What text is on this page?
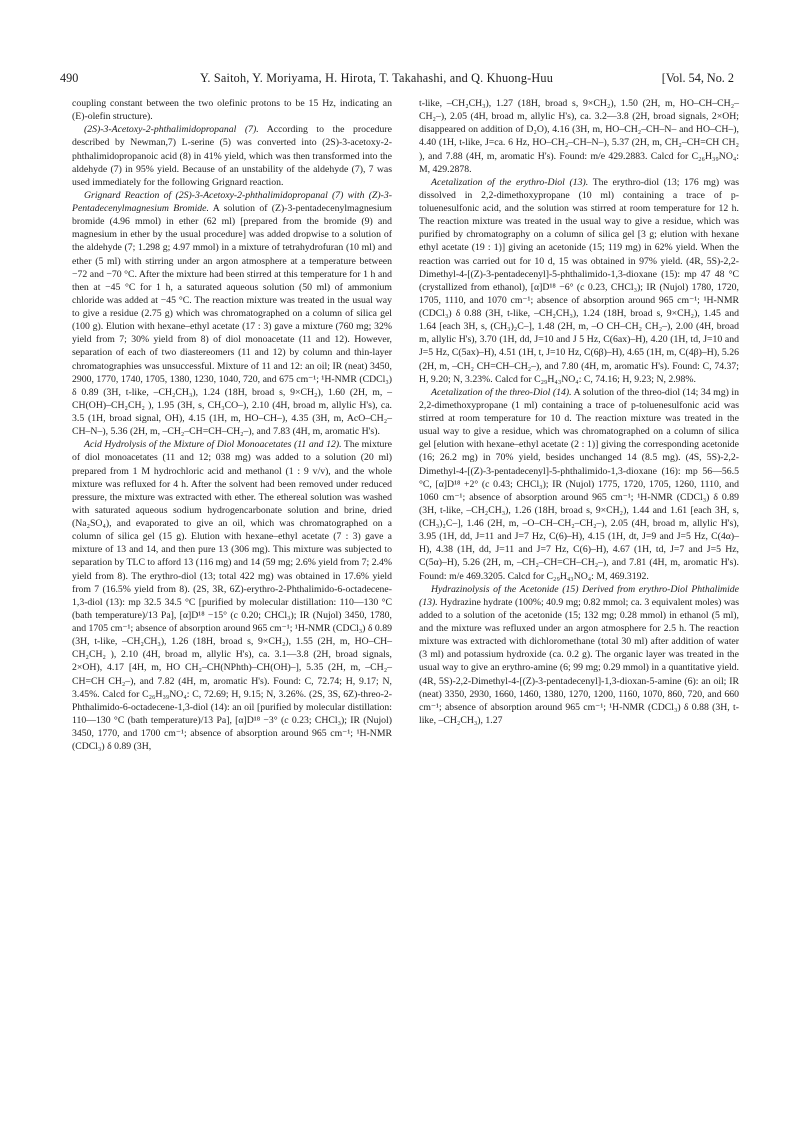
490	Y. Saitoh, Y. Moriyama, H. Hirota, T. Takahashi, and Q. Khuong-Huu	[Vol. 54, No. 2

coupling constant between the two olefinic protons to be 15 Hz, indicating an (E)-olefin structure).

(2S)-3-Acetoxy-2-phthalimidopropanal (7). According to the procedure described by Newman,7) L-serine (5) was converted into (2S)-3-acetoxy-2-phthalimidopropanoic acid (8) in 41% yield, which was then transformed into the aldehyde (7) in 95% yield. Because of an unstability of the aldehyde (7), 7 was used immediately for the following Grignard reaction.

Grignard Reaction of (2S)-3-Acetoxy-2-phthalimidopropanal (7) with (Z)-3-Pentadecenylmagnesium Bromide. A solution of (Z)-3-pentadecenylmagnesium bromide (4.96 mmol) in ether (62 ml) [prepared from the bromide (9) and magnesium in ether by the usual procedure] was added dropwise to a solution of the aldehyde (7; 1.298 g; 4.97 mmol) in a mixture of tetrahydrofuran (10 ml) and ether (5 ml) with stirring under an argon atmosphere at a temperature between −72 and −70 °C. After the mixture had been stirred at this temperature for 1 h and then at −45 °C for 1 h, a saturated aqueous solution (50 ml) of ammonium chloride was added at −45 °C. The reaction mixture was treated in the usual way to give a residue (2.75 g) which was chromatographed on a column of silica gel (100 g). Elution with hexane–ethyl acetate (17 : 3) gave a mixture (760 mg; 32% yield from 7; 30% yield from 8) of diol monoacetate (11 and 12). However, separation of each of two diastereomers (11 and 12) by column and thin-layer chromatographies was unsuccessful. Mixture of 11 and 12: an oil; IR (neat) 3450, 2900, 1770, 1740, 1705, 1380, 1230, 1040, 720, and 675 cm⁻¹; ¹H-NMR (CDCl₃) δ 0.89 (3H, t-like, –CH₂CH₃), 1.24 (18H, broad s, 9×CH₂), 1.60 (2H, m, –CH(OH)–CH₂CH₂ ), 1.95 (3H, s, CH₃CO–), 2.10 (4H, broad m, allylic H's), ca. 3.5 (1H, broad signal, OH), 4.15 (1H, m, HO–CH–), 4.35 (3H, m, AcO–CH₂–CH–N–), 5.36 (2H, m, –CH₂–CH=CH–CH₂–), and 7.83 (4H, m, aromatic H's).

Acid Hydrolysis of the Mixture of Diol Monoacetates (11 and 12). The mixture of diol monoacetates (11 and 12; 038 mg) was added to a solution (20 ml) prepared from 1 M hydrochloric acid and methanol (1 : 9 v/v), and the whole mixture was refluxed for 4 h. After the solvent had been removed under reduced pressure, the mixture was extracted with ether. The ethereal solution was washed with saturated aqueous sodium hydrogencarbonate solution and brine, dried (Na₂SO₄), and evaporated to give an oil, which was chromatographed on a column of silica gel (15 g). Elution with hexane–ethyl acetate (7 : 3) gave a mixture of 13 and 14, and then pure 13 (306 mg). This mixture was subjected to separation by TLC to afford 13 (116 mg) and 14 (59 mg; 2.6% yield from 7; 2.4% yield from 8). The erythro-diol (13; total 422 mg) was obtained in 17.6% yield from 7 (16.5% yield from 8). (2S, 3R, 6Z)-erythro-2-Phthalimido-6-octadecene-1,3-diol (13): mp 32.5 34.5 °C [purified by molecular distillation: 110—130 °C (bath temperature)/13 Pa], [α]D¹⁸ −15° (c 0.20; CHCl₃); IR (Nujol) 3450, 1780, and 1705 cm⁻¹; absence of absorption around 965 cm⁻¹; ¹H-NMR (CDCl₃) δ 0.89 (3H, t-like, –CH₂CH₃), 1.26 (18H, broad s, 9×CH₂), 1.55 (2H, m, HO–CH–CH₂CH₂ ), 2.10 (4H, broad m, allylic H's), ca. 3.1—3.8 (2H, broad signals, 2×OH), 4.17 [4H, m, HO CH₂–CH(NPhth)–CH(OH)–], 5.35 (2H, m, –CH₂–CH=CH CH₂–), and 7.82 (4H, m, aromatic H's). Found: C, 72.74; H, 9.17; N, 3.45%. Calcd for C₂₆H₃₉NO₄: C, 72.69; H, 9.15; N, 3.26%. (2S, 3S, 6Z)-threo-2-Phthalimido-6-octadecene-1,3-diol (14): an oil [purified by molecular distillation: 110—130 °C (bath temperature)/13 Pa], [α]D¹⁸ −3° (c 0.23; CHCl₃); IR (Nujol) 3450, 1770, and 1700 cm⁻¹; absence of absorption around 965 cm⁻¹; ¹H-NMR (CDCl₃) δ 0.89 (3H,

t-like, –CH₂CH₃), 1.27 (18H, broad s, 9×CH₂), 1.50 (2H, m, HO–CH–CH₂–CH₂–), 2.05 (4H, broad m, allylic H's), ca. 3.2—3.8 (2H, broad signals, 2×OH; disappeared on addition of D₂O), 4.16 (3H, m, HO–CH₂–CH–N– and HO–CH–), 4.40 (1H, t-like, J=ca. 6 Hz, HO–CH₂–CH–N–), 5.37 (2H, m, CH₂–CH=CH CH₂ ), and 7.88 (4H, m, aromatic H's). Found: m/e 429.2883. Calcd for C₂₆H₃₉NO₄: M, 429.2878.

Acetalization of the erythro-Diol (13). The erythro-diol (13; 176 mg) was dissolved in 2,2-dimethoxypropane (10 ml) containing a trace of p-toluenesulfonic acid, and the solution was stirred at room temperature for 12 h. The reaction mixture was treated in the usual way to give a residue, which was purified by chromatography on a column of silica gel [3 g; elution with hexane ethyl acetate (19 : 1)] giving an acetonide (15; 119 mg) in 62% yield. When the reaction was carried out for 10 d, 15 was obtained in 97% yield. (4R, 5S)-2,2-Dimethyl-4-[(Z)-3-pentadecenyl]-5-phthalimido-1,3-dioxane (15): mp 47 48 °C (crystallized from ethanol), [α]D¹⁸ −6° (c 0.23, CHCl₃); IR (Nujol) 1780, 1720, 1705, 1110, and 1070 cm⁻¹; absence of absorption around 965 cm⁻¹; ¹H-NMR (CDCl₃) δ 0.88 (3H, t-like, –CH₂CH₃), 1.24 (18H, broad s, 9×CH₂), 1.45 and 1.64 [each 3H, s, (CH₃)₂C–], 1.48 (2H, m, –O CH–CH₂ CH₂–), 2.00 (4H, broad m, allylic H's), 3.70 (1H, dd, J=10 and J 5 Hz, C(6ax)–H), 4.20 (1H, td, J=10 and J=5 Hz, C(5ax)–H), 4.51 (1H, t, J=10 Hz, C(6β)–H), 4.65 (1H, m, C(4β)–H), 5.26 (2H, m, –CH₂ CH=CH–CH₂–), and 7.80 (4H, m, aromatic H's). Found: C, 74.37; H, 9.20; N, 3.23%. Calcd for C₂₉H₄₃NO₄: C, 74.16; H, 9.23; N, 2.98%.

Acetalization of the threo-Diol (14). A solution of the threo-diol (14; 34 mg) in 2,2-dimethoxypropane (1 ml) containing a trace of p-toluenesulfonic acid was stirred at room temperature for 10 d. The reaction mixture was treated in the usual way to give a residue, which was chromatographed on a column of silica gel [elution with hexane–ethyl acetate (2 : 1)] giving the corresponding acetonide (16; 26.2 mg) in 70% yield, besides unchanged 14 (8.5 mg). (4S, 5S)-2,2-Dimethyl-4-[(Z)-3-pentadecenyl]-5-phthalimido-1,3-dioxane (16): mp 56—56.5 °C, [α]D¹⁸ +2° (c 0.43; CHCl₃); IR (Nujol) 1775, 1720, 1705, 1260, 1110, and 1060 cm⁻¹; absence of absorption around 965 cm⁻¹; ¹H-NMR (CDCl₃) δ 0.89 (3H, t-like, –CH₂CH₃), 1.26 (18H, broad s, 9×CH₂), 1.44 and 1.61 [each 3H, s, (CH₃)₂C–], 1.46 (2H, m, –O–CH–CH₂–CH₂–), 2.05 (4H, broad m, allylic H's), 3.95 (1H, dd, J=11 and J=7 Hz, C(6)–H), 4.15 (1H, dt, J=9 and J=5 Hz, C(4α)–H), 4.38 (1H, dd, J=11 and J=7 Hz, C(6)–H), 4.67 (1H, td, J=7 and J=5 Hz, C(5α)–H), 5.26 (2H, m, –CH₂–CH=CH–CH₂–), and 7.81 (4H, m, aromatic H's). Found: m/e 469.3205. Calcd for C₂₉H₄₃NO₄: M, 469.3192.

Hydrazinolysis of the Acetonide (15) Derived from erythro-Diol Phthalimide (13). Hydrazine hydrate (100%; 40.9 mg; 0.82 mmol; ca. 3 equivalent moles) was added to a solution of the acetonide (15; 132 mg; 0.28 mmol) in ethanol (5 ml), and the mixture was refluxed under an argon atmosphere for 2.5 h. The reaction mixture was extracted with dichloromethane (total 30 ml) after addition of water (3 ml) and potassium hydroxide (ca. 0.2 g). The organic layer was treated in the usual way to give an erythro-amine (6; 99 mg; 0.29 mmol) in a quantitative yield. (4R, 5S)-2,2-Dimethyl-4-[(Z)-3-pentadecenyl]-1,3-dioxan-5-amine (6): an oil; IR (neat) 3350, 2930, 1660, 1460, 1380, 1270, 1200, 1160, 1070, 860, 720, and 660 cm⁻¹; absence of absorption around 965 cm⁻¹; ¹H-NMR (CDCl₃) δ 0.88 (3H, t-like, –CH₂CH₃), 1.27
